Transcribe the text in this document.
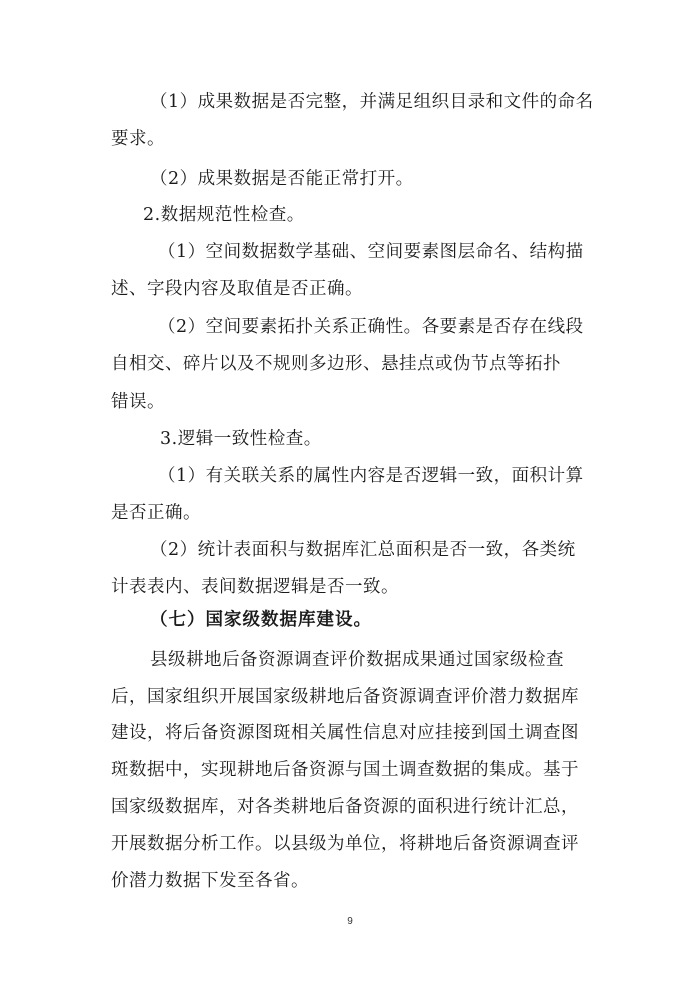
（1）成果数据是否完整，并满足组织目录和文件的命名
要求。
（2）成果数据是否能正常打开。
2.数据规范性检查。
（1）空间数据数学基础、空间要素图层命名、结构描
述、字段内容及取值是否正确。
（2）空间要素拓扑关系正确性。各要素是否存在线段
自相交、碎片以及不规则多边形、悬挂点或伪节点等拓扑
错误。
3.逻辑一致性检查。
（1）有关联关系的属性内容是否逻辑一致，面积计算
是否正确。
（2）统计表面积与数据库汇总面积是否一致，各类统
计表表内、表间数据逻辑是否一致。
（七）国家级数据库建设。
县级耕地后备资源调查评价数据成果通过国家级检查
后，国家组织开展国家级耕地后备资源调查评价潜力数据库
建设，将后备资源图斑相关属性信息对应挂接到国土调查图
斑数据中，实现耕地后备资源与国土调查数据的集成。基于
国家级数据库，对各类耕地后备资源的面积进行统计汇总，
开展数据分析工作。以县级为单位，将耕地后备资源调查评
价潜力数据下发至各省。
9
